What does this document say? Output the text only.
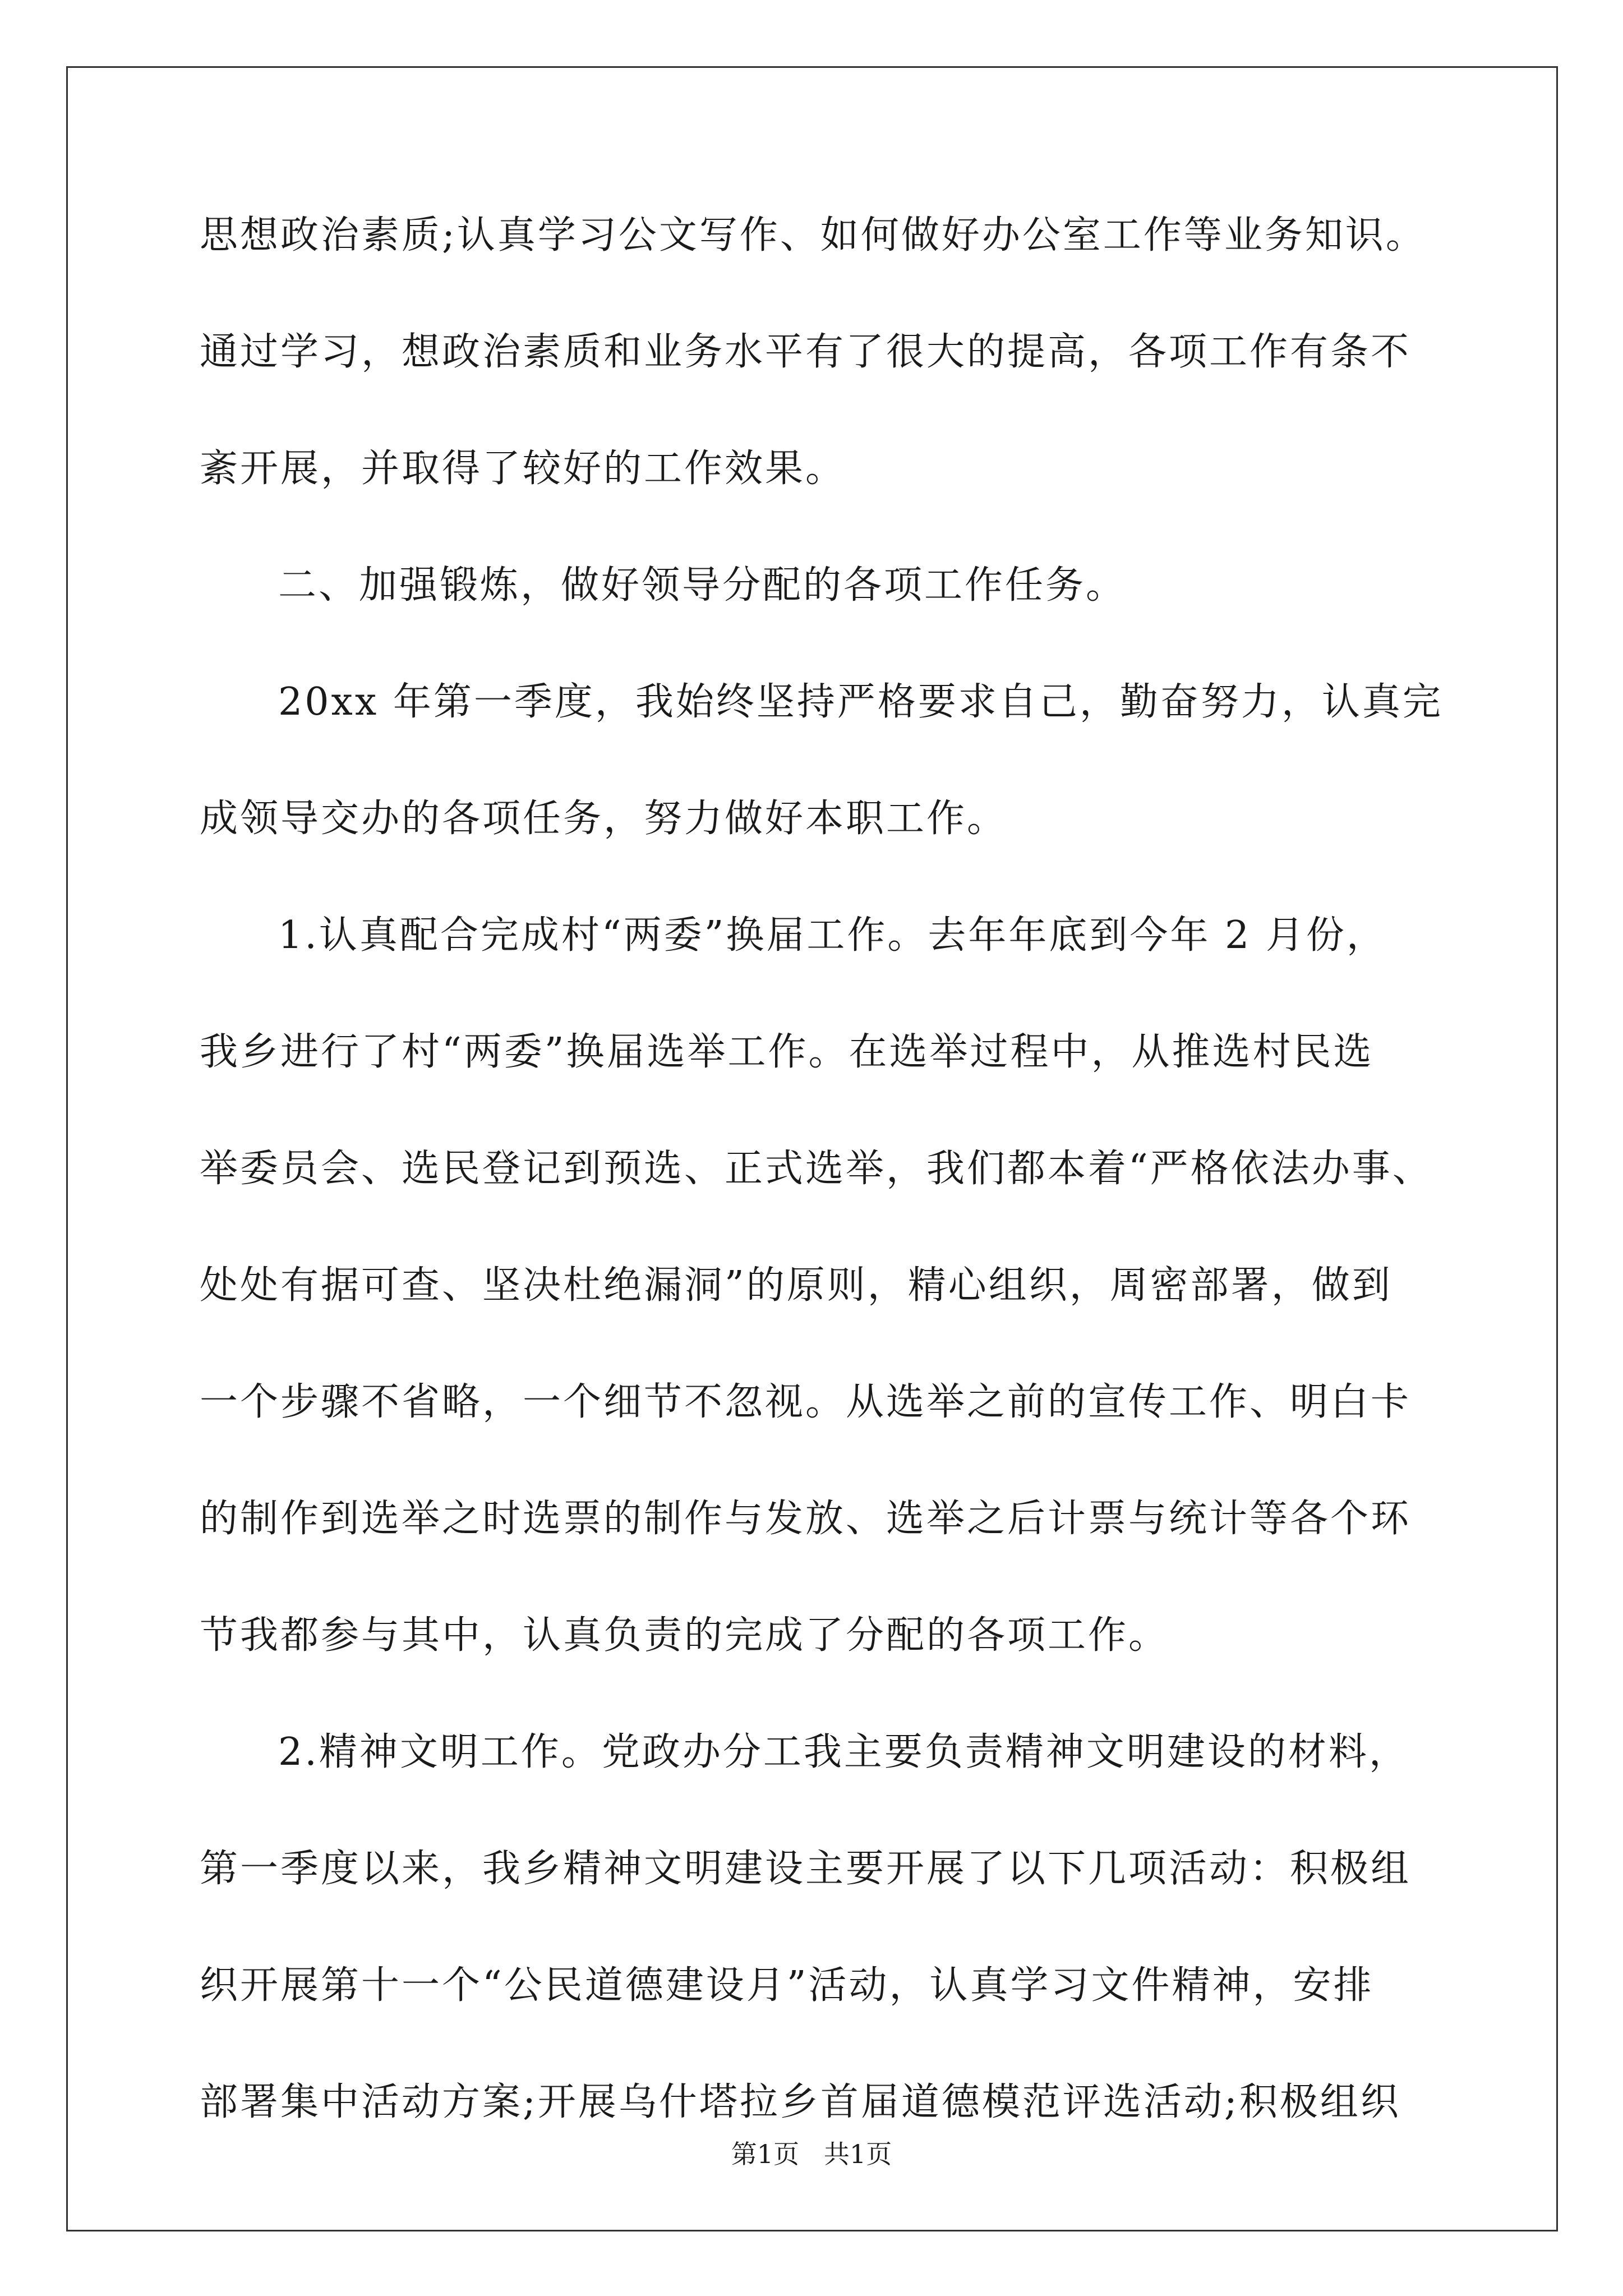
思想政治素质;认真学习公文写作、如何做好办公室工作等业务知识。
通过学习，想政治素质和业务水平有了很大的提高，各项工作有条不
紊开展，并取得了较好的工作效果。
二、加强锻炼，做好领导分配的各项工作任务。
20xx 年第一季度，我始终坚持严格要求自己，勤奋努力，认真完
成领导交办的各项任务，努力做好本职工作。
1.认真配合完成村“两委”换届工作。去年年底到今年 2 月份，
我乡进行了村“两委”换届选举工作。在选举过程中，从推选村民选
举委员会、选民登记到预选、正式选举，我们都本着“严格依法办事、
处处有据可查、坚决杜绝漏洞”的原则，精心组织，周密部署，做到
一个步骤不省略，一个细节不忽视。从选举之前的宣传工作、明白卡
的制作到选举之时选票的制作与发放、选举之后计票与统计等各个环
节我都参与其中，认真负责的完成了分配的各项工作。
2.精神文明工作。党政办分工我主要负责精神文明建设的材料，
第一季度以来，我乡精神文明建设主要开展了以下几项活动：积极组
织开展第十一个“公民道德建设月”活动，认真学习文件精神，安排
部署集中活动方案;开展乌什塔拉乡首届道德模范评选活动;积极组织
第1页   共1页
